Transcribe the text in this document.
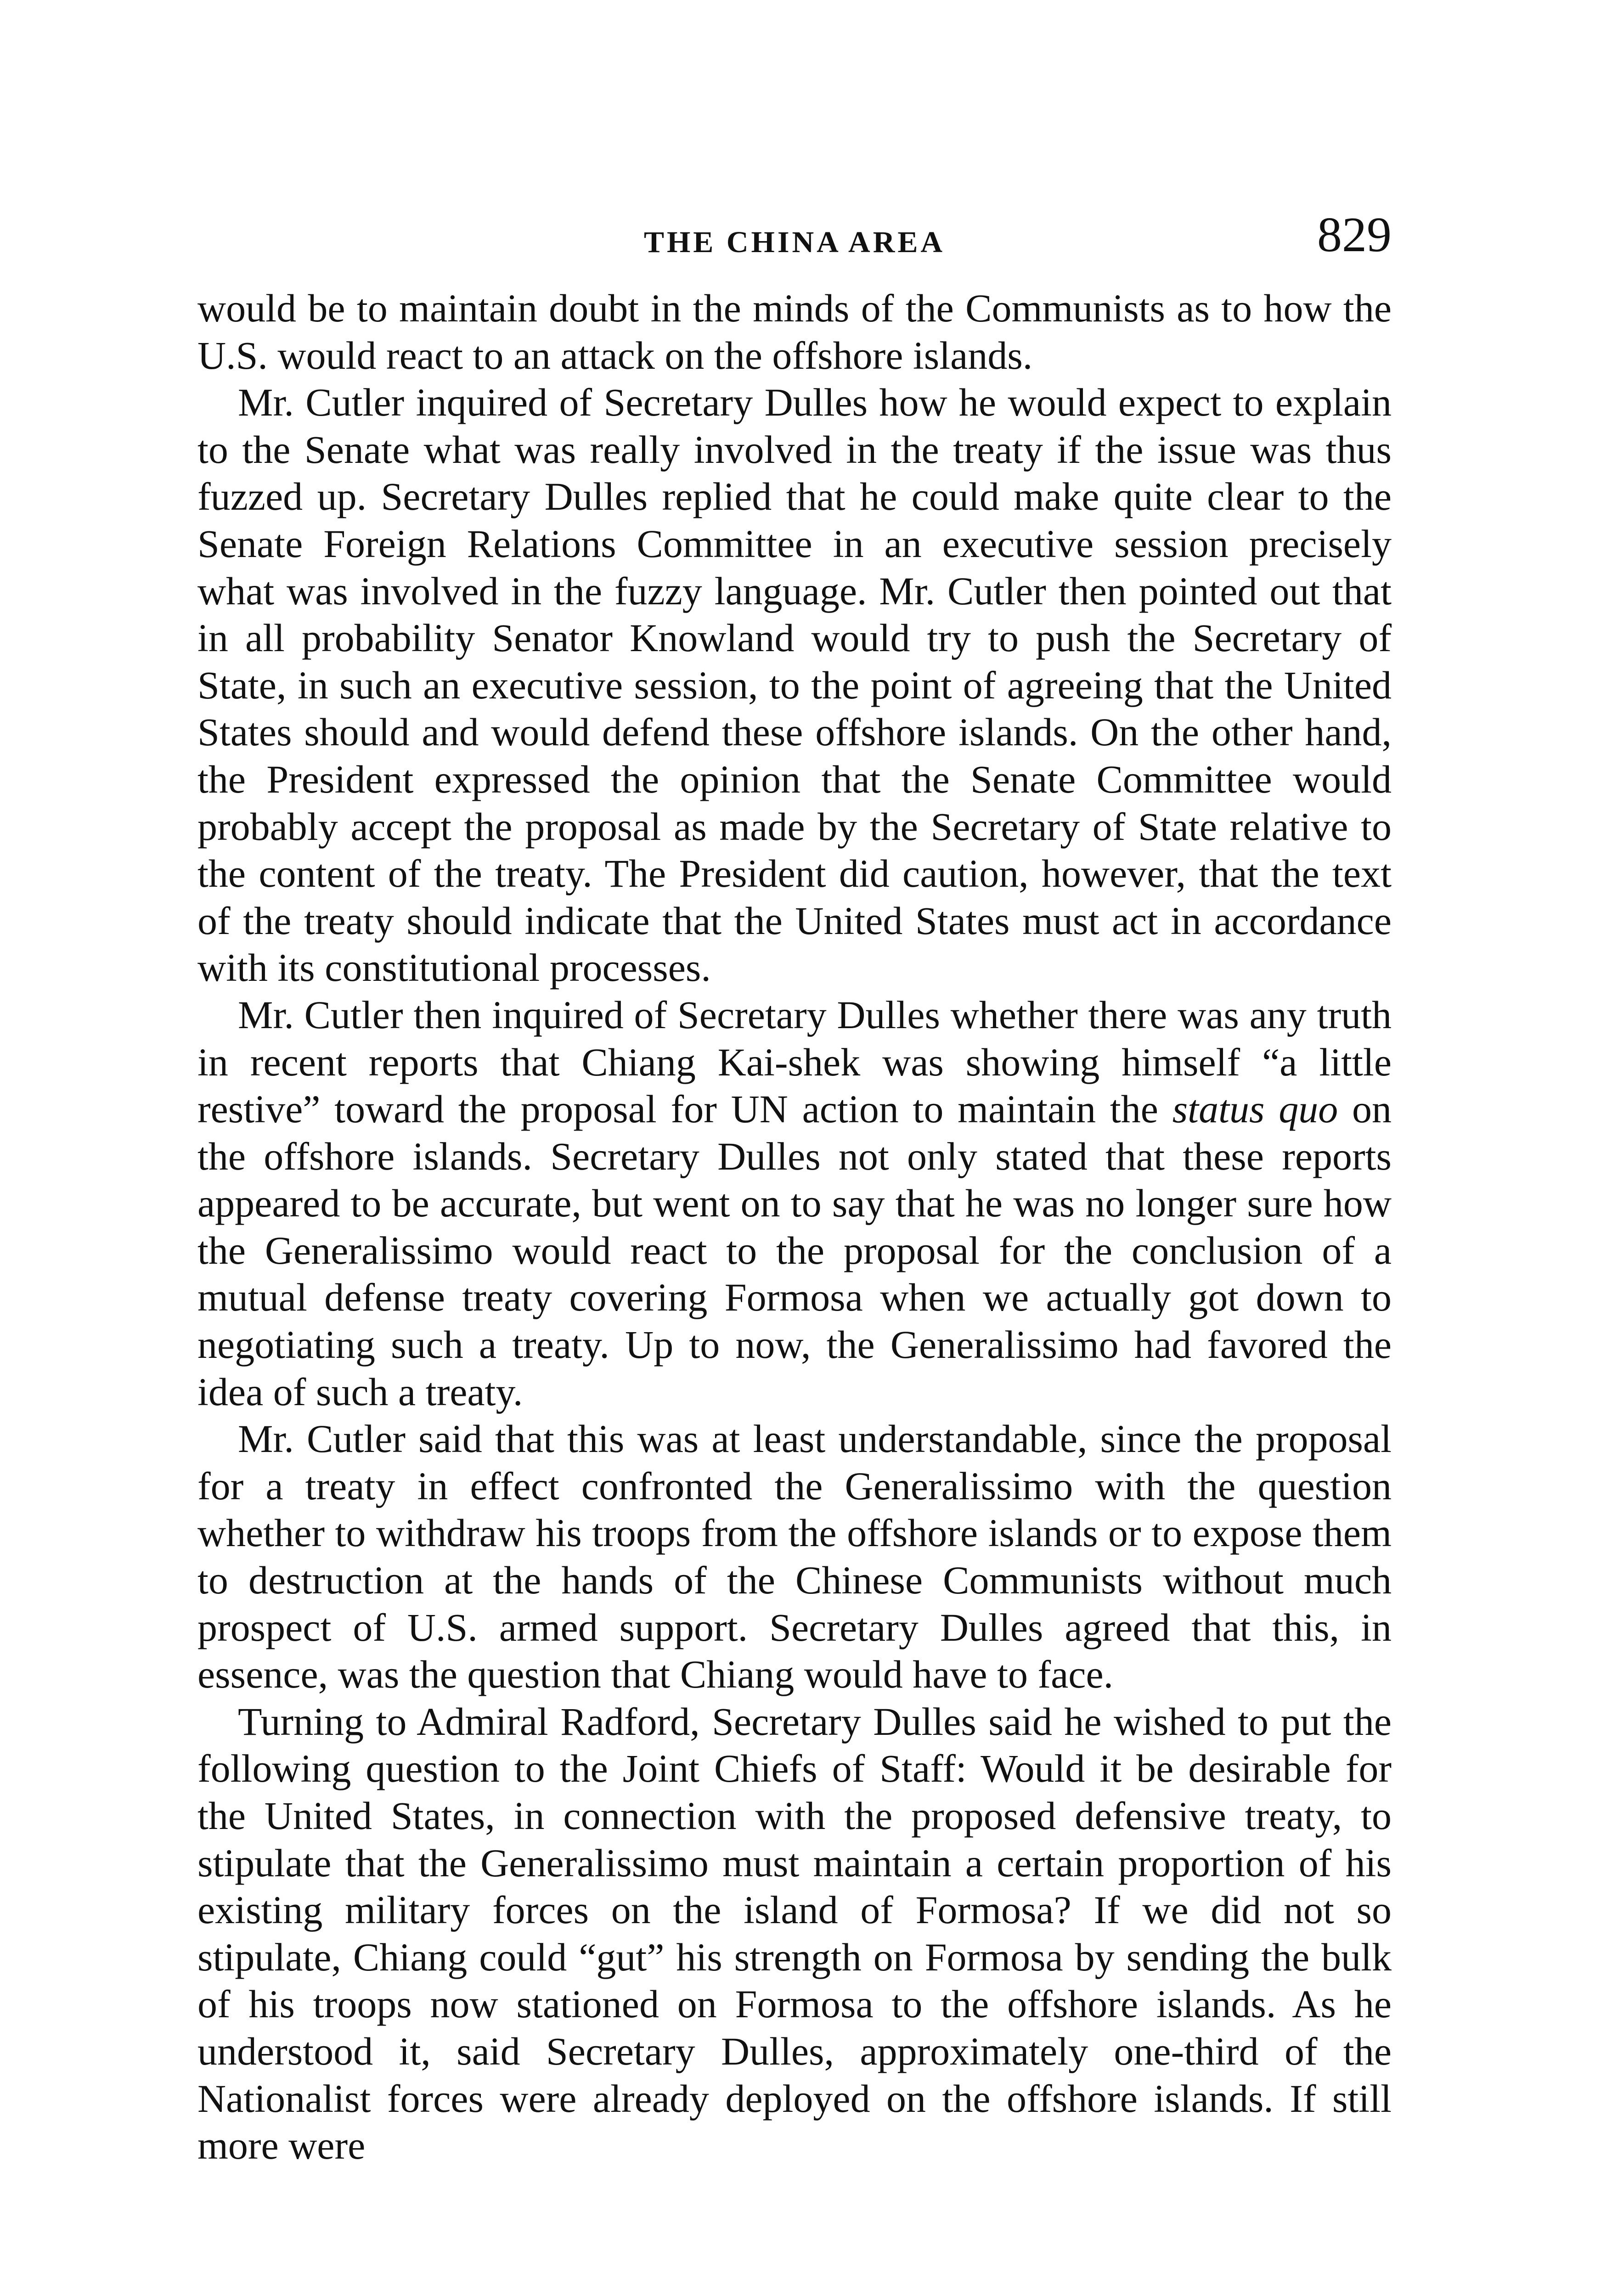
THE CHINA AREA	829

would be to maintain doubt in the minds of the Communists as to how the U.S. would react to an attack on the offshore islands.

Mr. Cutler inquired of Secretary Dulles how he would expect to explain to the Senate what was really involved in the treaty if the issue was thus fuzzed up. Secretary Dulles replied that he could make quite clear to the Senate Foreign Relations Committee in an executive session precisely what was involved in the fuzzy language. Mr. Cutler then pointed out that in all probability Senator Knowland would try to push the Secretary of State, in such an executive session, to the point of agreeing that the United States should and would defend these offshore islands. On the other hand, the President expressed the opinion that the Senate Committee would probably accept the proposal as made by the Secretary of State relative to the content of the treaty. The President did caution, however, that the text of the treaty should indicate that the United States must act in accordance with its constitutional processes.

Mr. Cutler then inquired of Secretary Dulles whether there was any truth in recent reports that Chiang Kai-shek was showing himself “a little restive” toward the proposal for UN action to maintain the status quo on the offshore islands. Secretary Dulles not only stated that these reports appeared to be accurate, but went on to say that he was no longer sure how the Generalissimo would react to the proposal for the conclusion of a mutual defense treaty covering Formosa when we actually got down to negotiating such a treaty. Up to now, the Generalissimo had favored the idea of such a treaty.

Mr. Cutler said that this was at least understandable, since the proposal for a treaty in effect confronted the Generalissimo with the question whether to withdraw his troops from the offshore islands or to expose them to destruction at the hands of the Chinese Communists without much prospect of U.S. armed support. Secretary Dulles agreed that this, in essence, was the question that Chiang would have to face.

Turning to Admiral Radford, Secretary Dulles said he wished to put the following question to the Joint Chiefs of Staff: Would it be desirable for the United States, in connection with the proposed defensive treaty, to stipulate that the Generalissimo must maintain a certain proportion of his existing military forces on the island of Formosa? If we did not so stipulate, Chiang could “gut” his strength on Formosa by sending the bulk of his troops now stationed on Formosa to the offshore islands. As he understood it, said Secretary Dulles, approximately one-third of the Nationalist forces were already deployed on the offshore islands. If still more were
